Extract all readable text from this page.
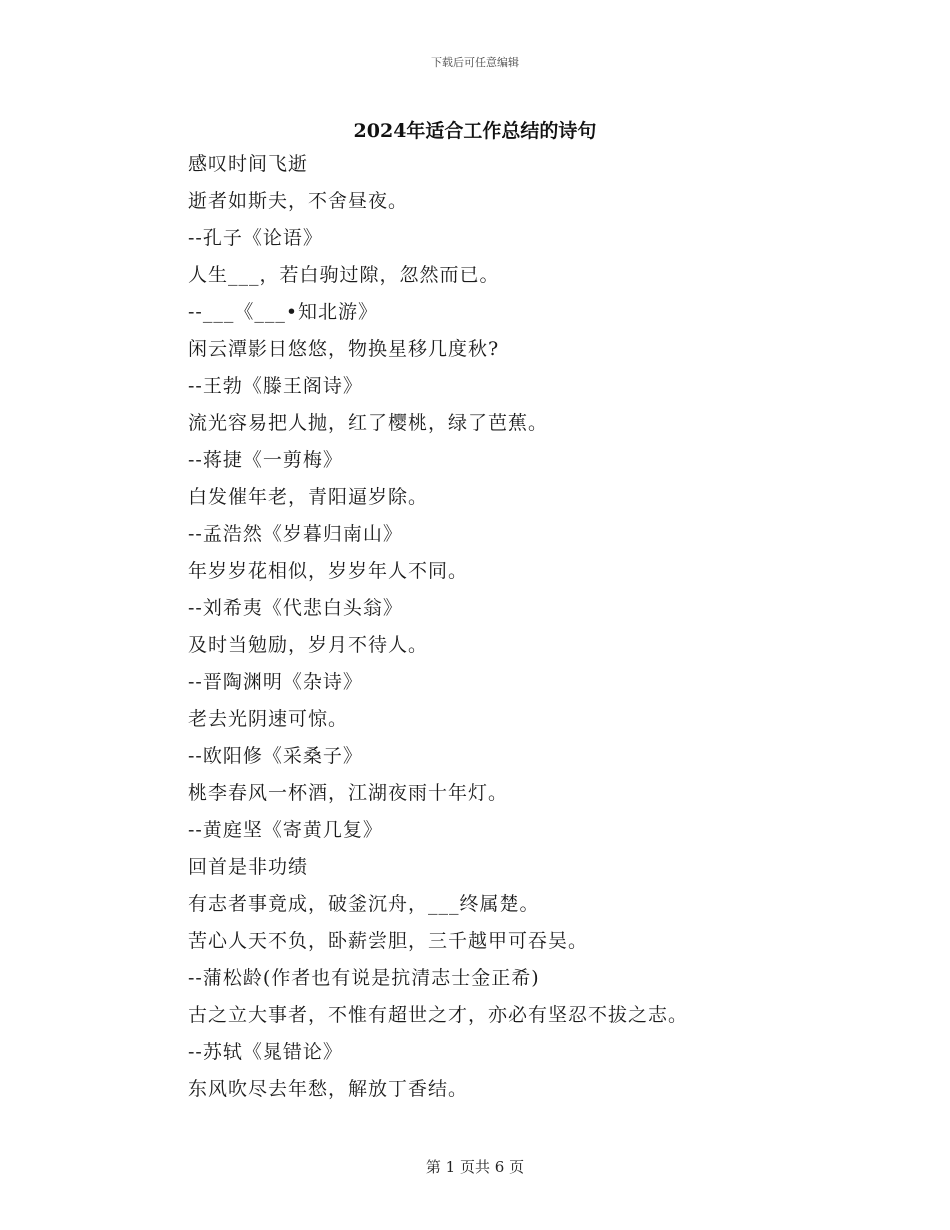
下载后可任意编辑
2024年适合工作总结的诗句
感叹时间飞逝
逝者如斯夫，不舍昼夜。
--孔子《论语》
人生___，若白驹过隙，忽然而已。
--___《___•知北游》
闲云潭影日悠悠，物换星移几度秋?
--王勃《滕王阁诗》
流光容易把人抛，红了樱桃，绿了芭蕉。
--蒋捷《一剪梅》
白发催年老，青阳逼岁除。
--孟浩然《岁暮归南山》
年岁岁花相似，岁岁年人不同。
--刘希夷《代悲白头翁》
及时当勉励，岁月不待人。
--晋陶渊明《杂诗》
老去光阴速可惊。
--欧阳修《采桑子》
桃李春风一杯酒，江湖夜雨十年灯。
--黄庭坚《寄黄几复》
回首是非功绩
有志者事竟成，破釜沉舟，___终属楚。
苦心人天不负，卧薪尝胆，三千越甲可吞吴。
--蒲松龄(作者也有说是抗清志士金正希)
古之立大事者，不惟有超世之才，亦必有坚忍不拔之志。
--苏轼《晁错论》
东风吹尽去年愁，解放丁香结。
第 1 页共 6 页
